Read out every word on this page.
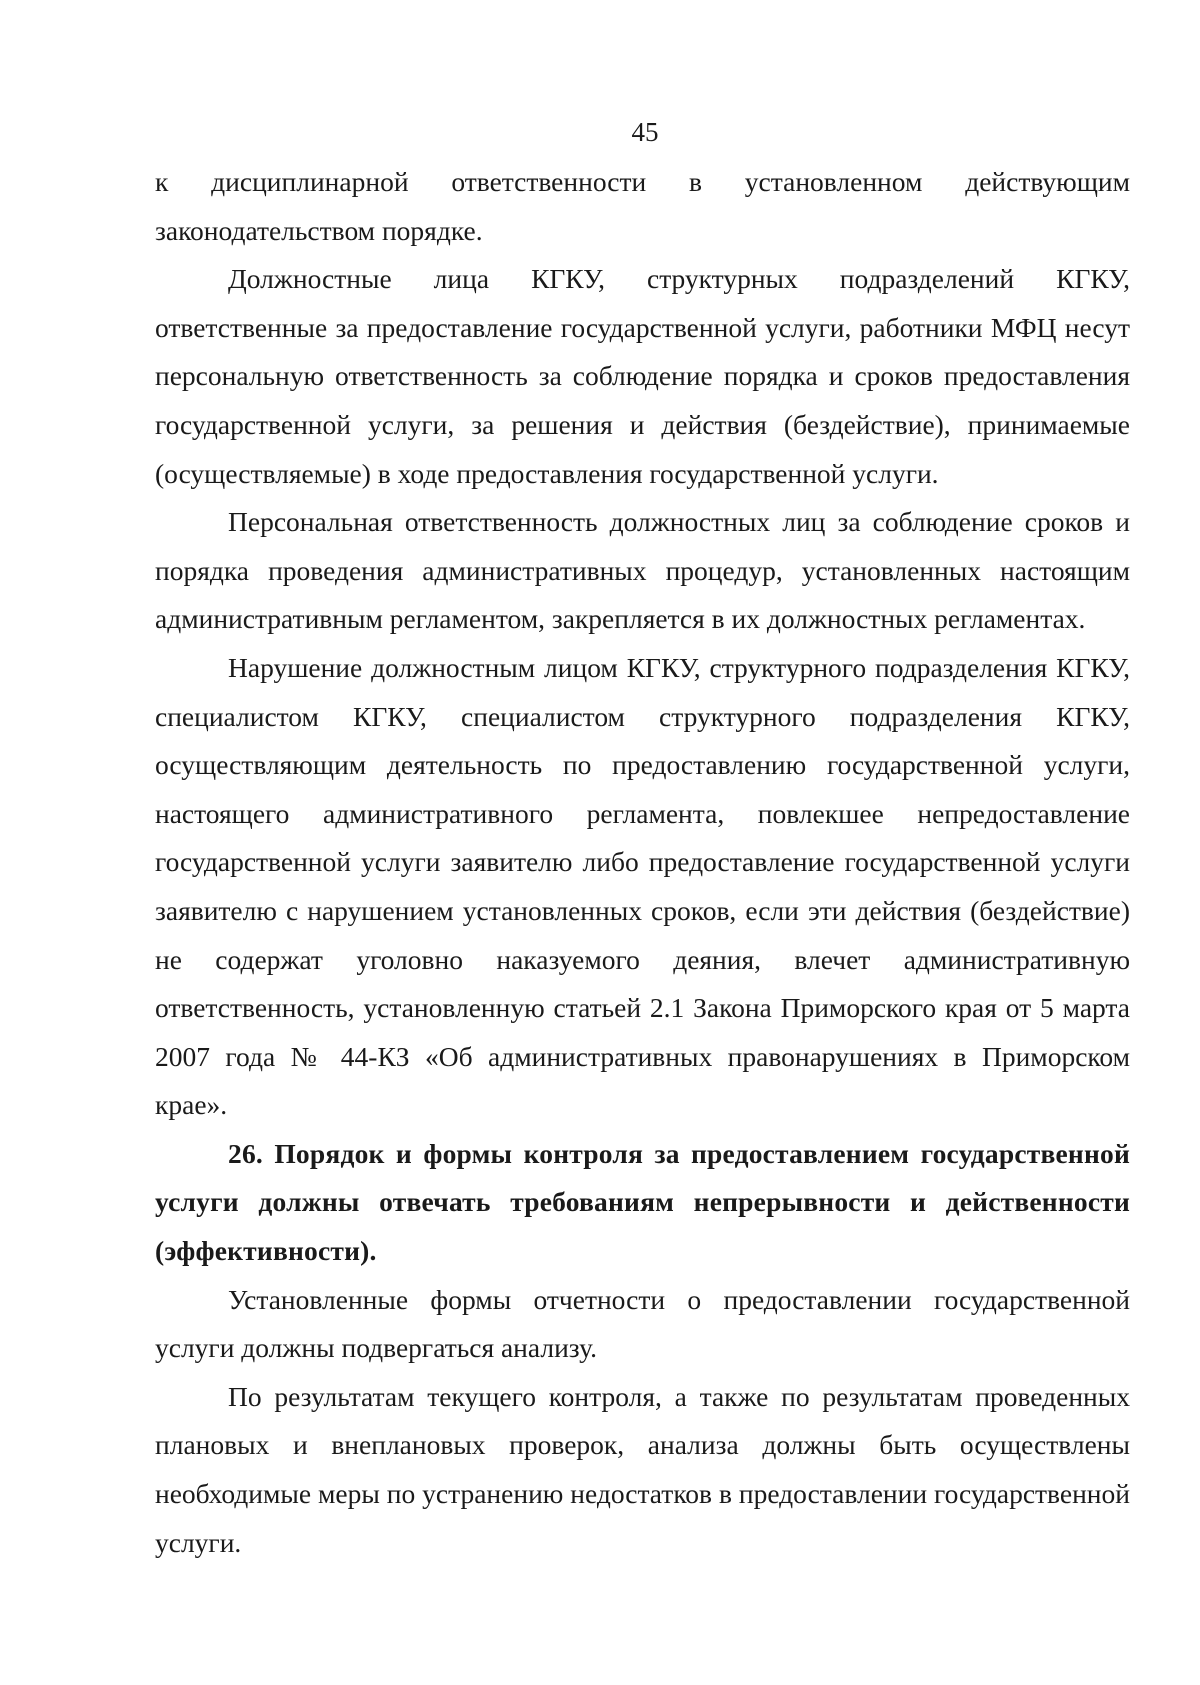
45

к дисциплинарной ответственности в установленном действующим законодательством порядке.

Должностные лица КГКУ, структурных подразделений КГКУ, ответственные за предоставление государственной услуги, работники МФЦ несут персональную ответственность за соблюдение порядка и сроков предоставления государственной услуги, за решения и действия (бездействие), принимаемые (осуществляемые) в ходе предоставления государственной услуги.

Персональная ответственность должностных лиц за соблюдение сроков и порядка проведения административных процедур, установленных настоящим административным регламентом, закрепляется в их должностных регламентах.

Нарушение должностным лицом КГКУ, структурного подразделения КГКУ, специалистом КГКУ, специалистом структурного подразделения КГКУ, осуществляющим деятельность по предоставлению государственной услуги, настоящего административного регламента, повлекшее непредоставление государственной услуги заявителю либо предоставление государственной услуги заявителю с нарушением установленных сроков, если эти действия (бездействие) не содержат уголовно наказуемого деяния, влечет административную ответственность, установленную статьей 2.1 Закона Приморского края от 5 марта 2007 года № 44-КЗ «Об административных правонарушениях в Приморском крае».

26. Порядок и формы контроля за предоставлением государственной услуги должны отвечать требованиям непрерывности и действенности (эффективности).

Установленные формы отчетности о предоставлении государственной услуги должны подвергаться анализу.

По результатам текущего контроля, а также по результатам проведенных плановых и внеплановых проверок, анализа должны быть осуществлены необходимые меры по устранению недостатков в предоставлении государственной услуги.
